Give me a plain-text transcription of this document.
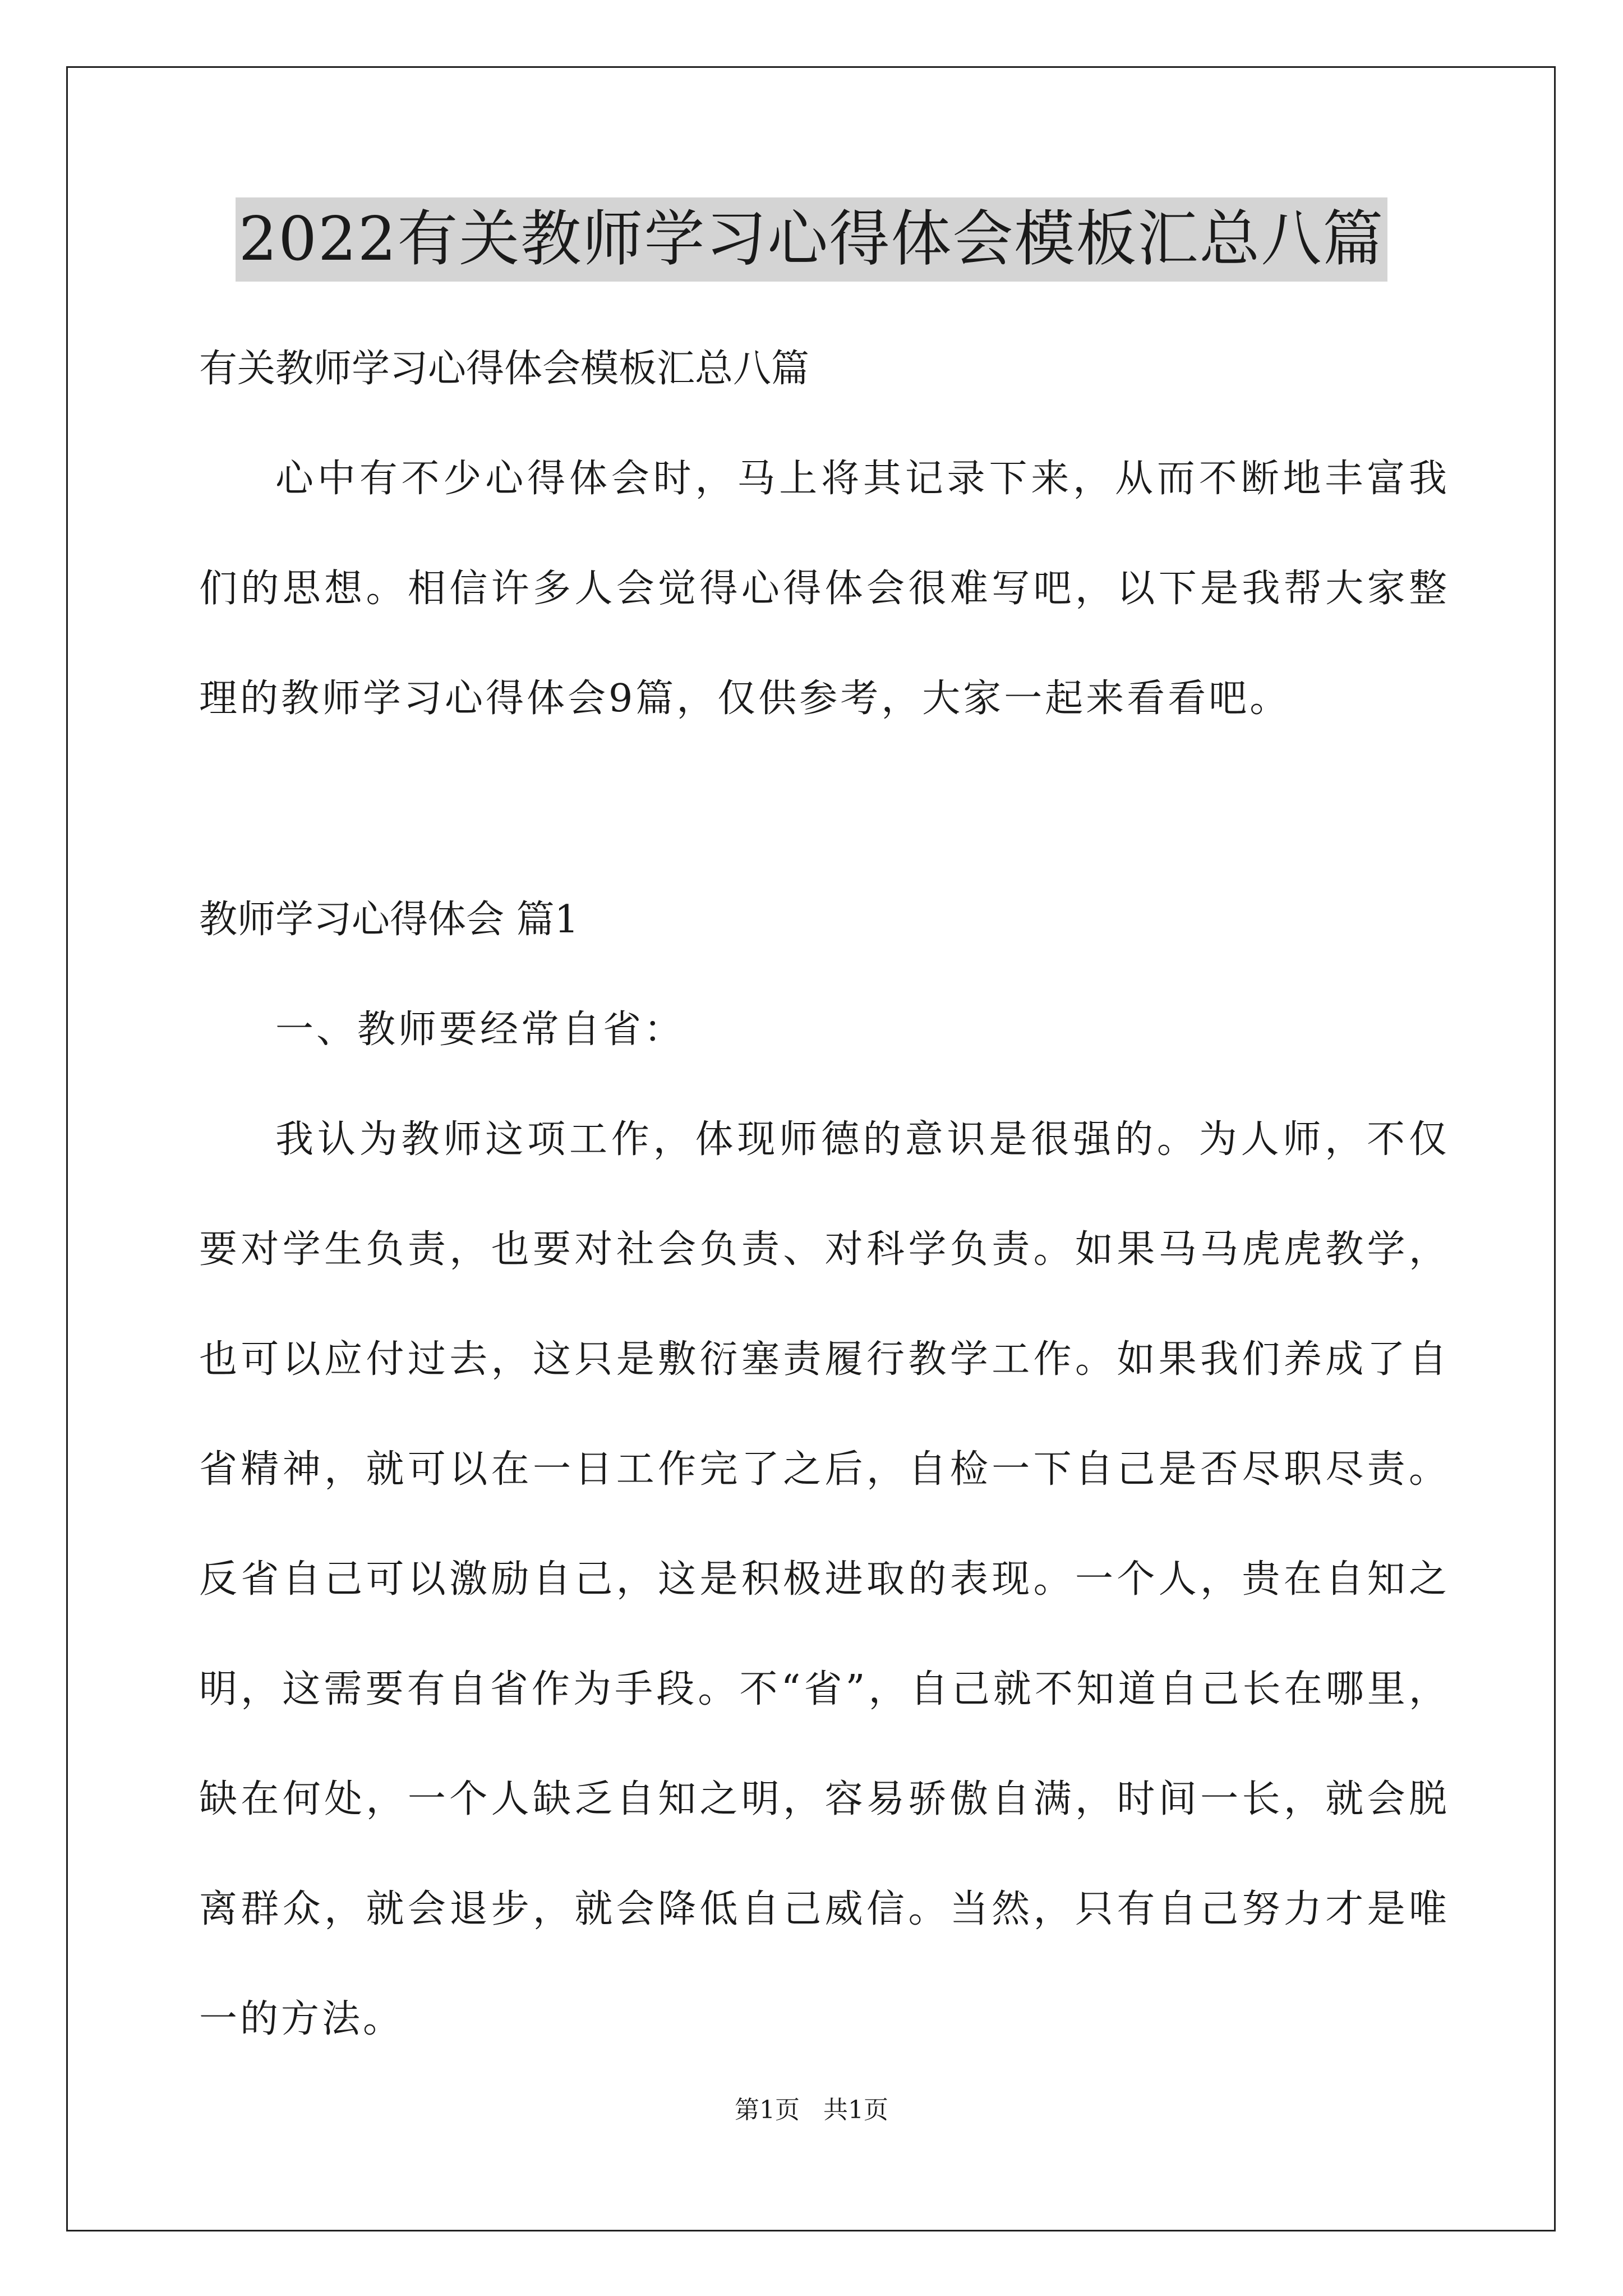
2022有关教师学习心得体会模板汇总八篇

有关教师学习心得体会模板汇总八篇

心中有不少心得体会时，马上将其记录下来，从而不断地丰富我们的思想。相信许多人会觉得心得体会很难写吧，以下是我帮大家整理的教师学习心得体会9篇，仅供参考，大家一起来看看吧。

教师学习心得体会 篇1

一、教师要经常自省：

我认为教师这项工作，体现师德的意识是很强的。为人师，不仅要对学生负责，也要对社会负责、对科学负责。如果马马虎虎教学，也可以应付过去，这只是敷衍塞责履行教学工作。如果我们养成了自省精神，就可以在一日工作完了之后，自检一下自己是否尽职尽责。反省自己可以激励自己，这是积极进取的表现。一个人，贵在自知之明，这需要有自省作为手段。不“省”，自己就不知道自己长在哪里，缺在何处，一个人缺乏自知之明，容易骄傲自满，时间一长，就会脱离群众，就会退步，就会降低自己威信。当然，只有自己努力才是唯一的方法。

第1页   共1页
